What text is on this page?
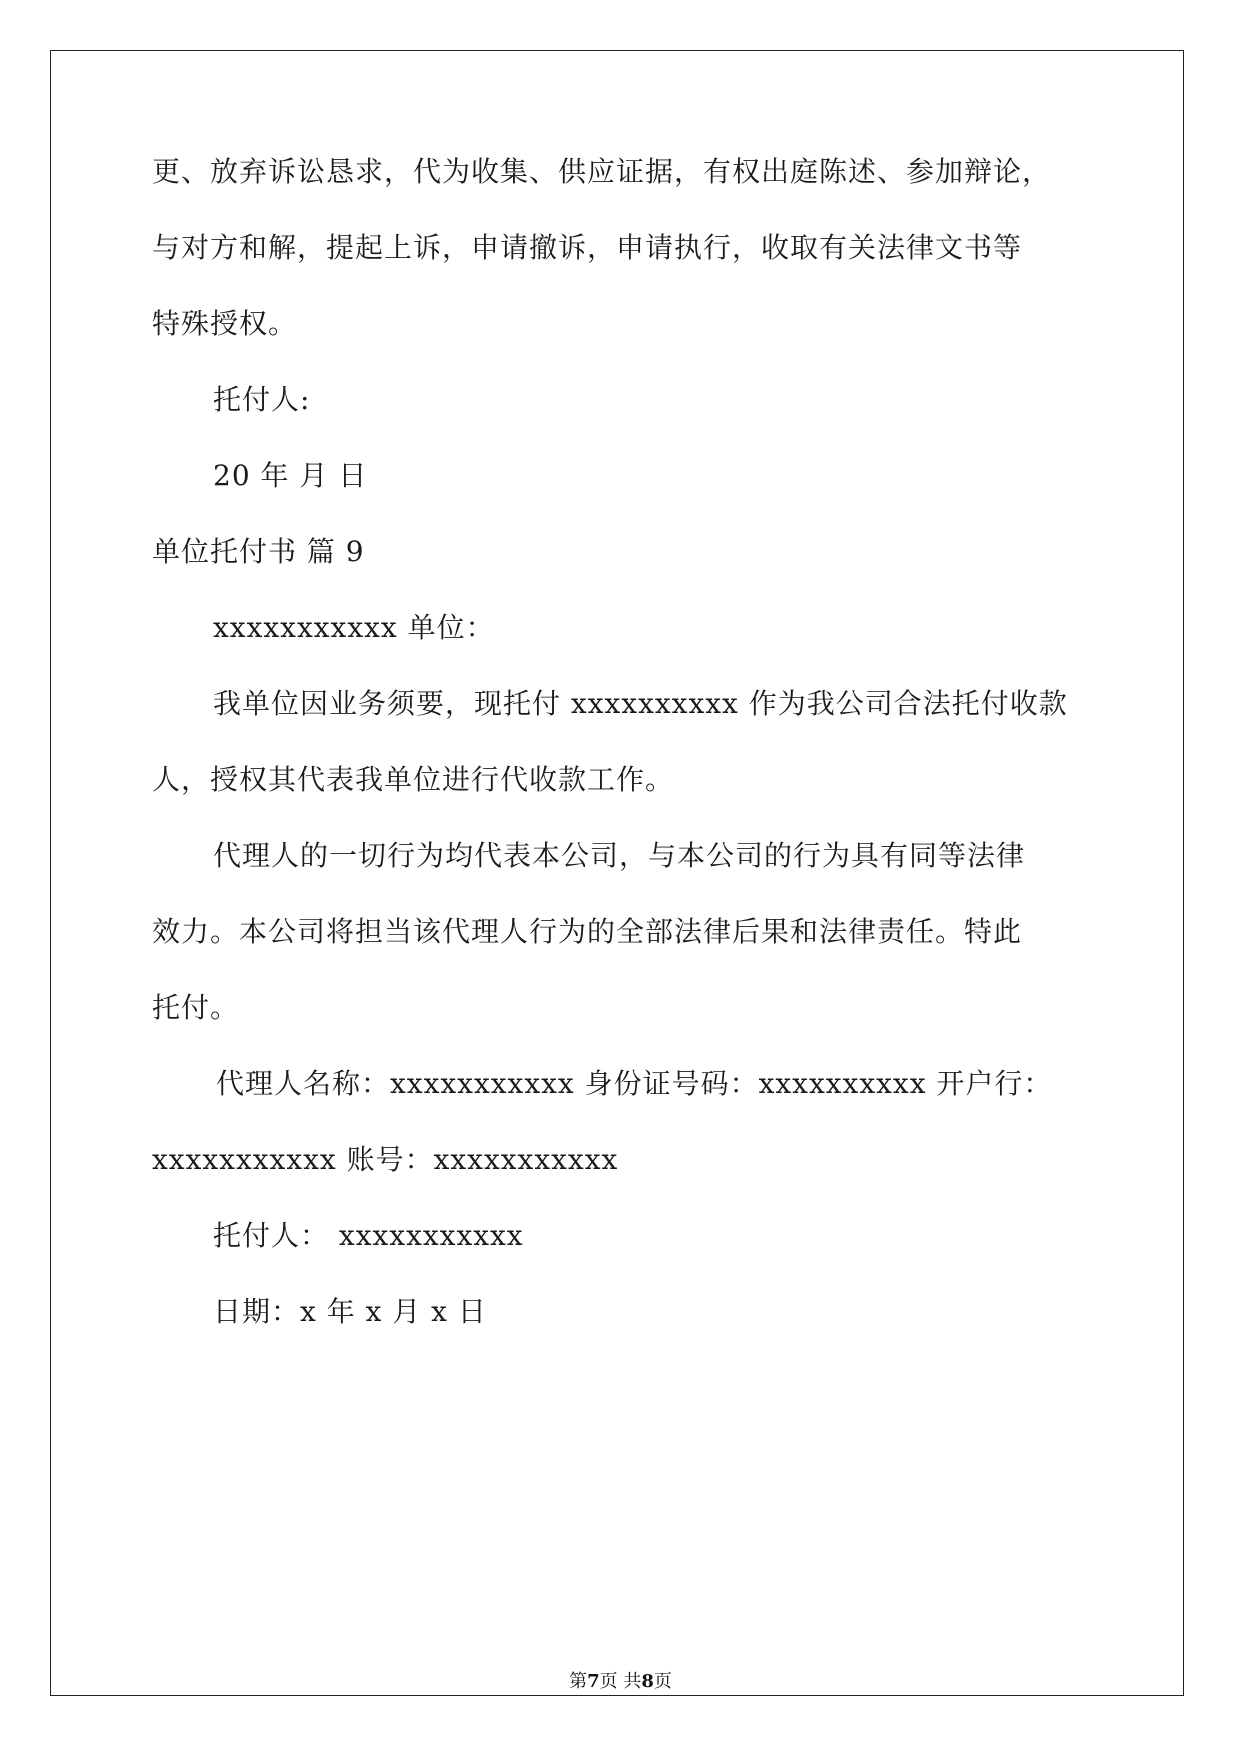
更、放弃诉讼恳求，代为收集、供应证据，有权出庭陈述、参加辩论，
与对方和解，提起上诉，申请撤诉，申请执行，收取有关法律文书等
特殊授权。
托付人:
20 年 月 日
单位托付书 篇 9
xxxxxxxxxxx 单位：
我单位因业务须要，现托付 xxxxxxxxxx 作为我公司合法托付收款
人，授权其代表我单位进行代收款工作。
代理人的一切行为均代表本公司，与本公司的行为具有同等法律
效力。本公司将担当该代理人行为的全部法律后果和法律责任。特此
托付。
代理人名称：xxxxxxxxxxx 身份证号码：xxxxxxxxxx 开户行：
xxxxxxxxxxx 账号：xxxxxxxxxxx
托付人： xxxxxxxxxxx
日期：x 年 x 月 x 日
第7页 共8页
